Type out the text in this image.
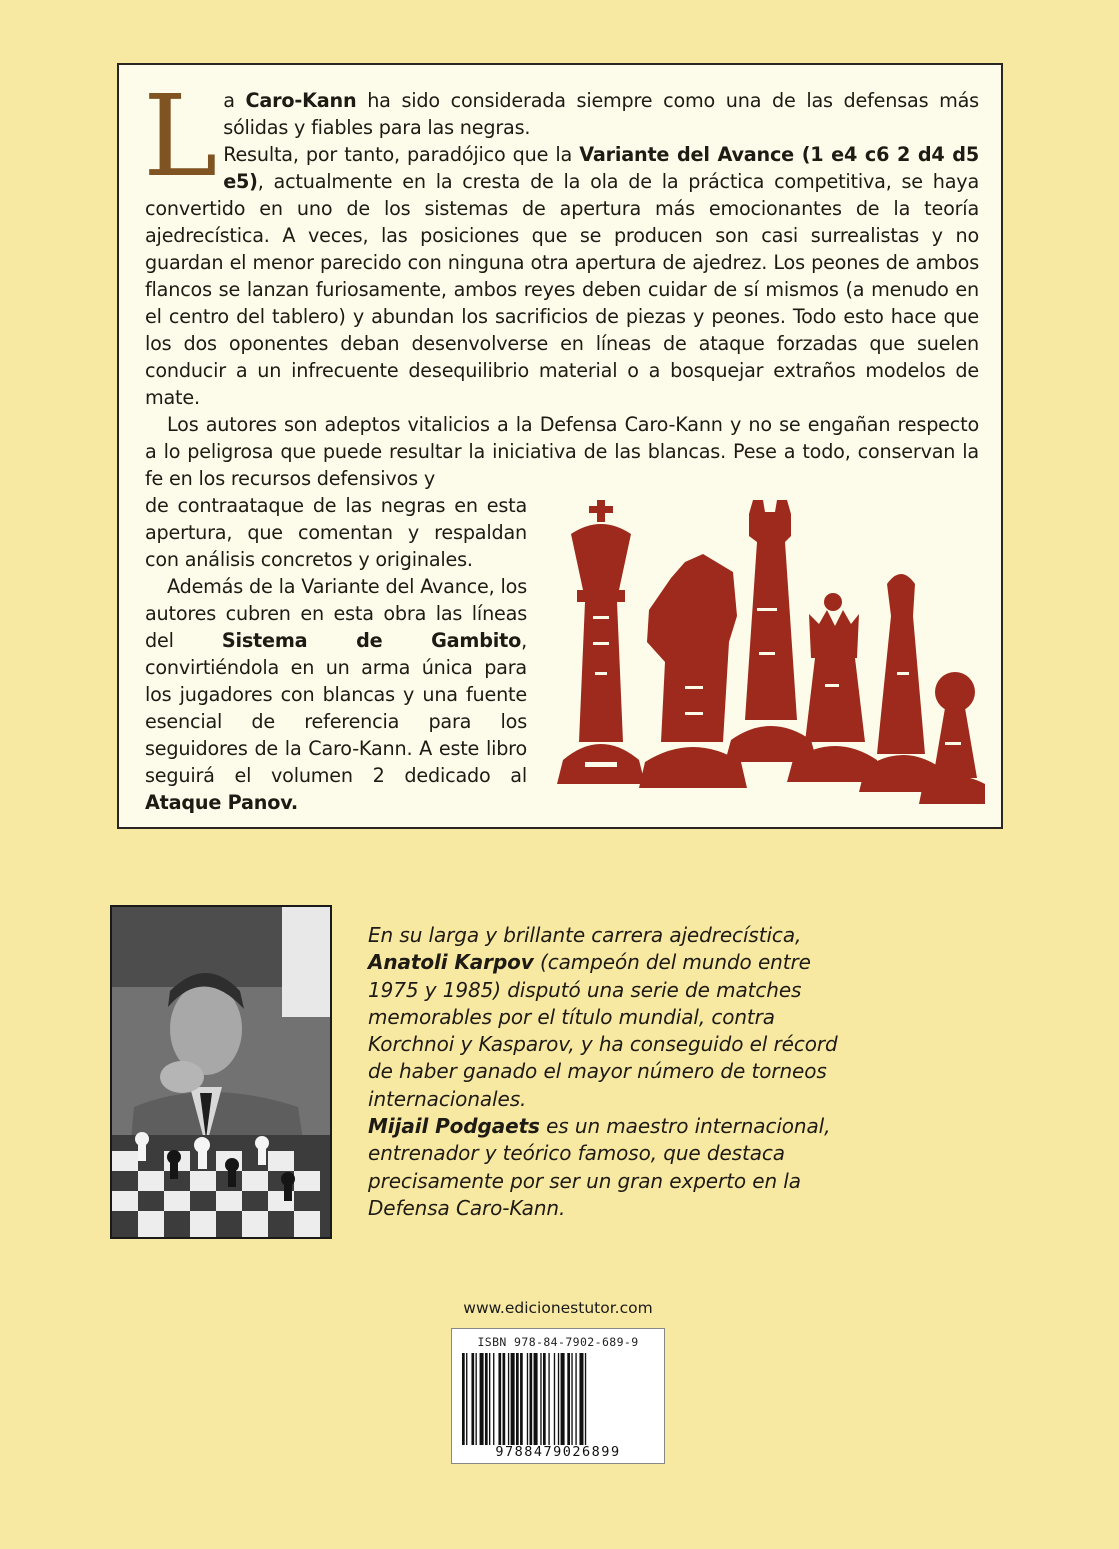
La Caro-Kann ha sido considerada siempre como una de las defensas más sólidas y fiables para las negras.

Resulta, por tanto, paradójico que la Variante del Avance (1 e4 c6 2 d4 d5 e5), actualmente en la cresta de la ola de la práctica competitiva, se haya convertido en uno de los sistemas de apertura más emocionantes de la teoría ajedrecística. A veces, las posiciones que se producen son casi surrealistas y no guardan el menor parecido con ninguna otra apertura de ajedrez. Los peones de ambos flancos se lanzan furiosamente, ambos reyes deben cuidar de sí mismos (a menudo en el centro del tablero) y abundan los sacrificios de piezas y peones. Todo esto hace que los dos oponentes deban desenvolverse en líneas de ataque forzadas que suelen conducir a un infrecuente desequilibrio material o a bosquejar extraños modelos de mate.

Los autores son adeptos vitalicios a la Defensa Caro-Kann y no se engañan respecto a lo peligrosa que puede resultar la iniciativa de las blancas. Pese a todo, conservan la fe en los recursos defensivos y

de contraataque de las negras en esta apertura, que comentan y respaldan con análisis concretos y originales.

Además de la Variante del Avance, los autores cubren en esta obra las líneas del Sistema de Gambito, convirtiéndola en un arma única para los jugadores con blancas y una fuente esencial de referencia para los seguidores de la Caro-Kann. A este libro seguirá el volumen 2 dedicado al Ataque Panov.

En su larga y brillante carrera ajedrecística,
Anatoli Karpov (campeón del mundo entre 1975 y 1985) disputó una serie de matches memorables por el título mundial, contra Korchnoi y Kasparov, y ha conseguido el récord de haber ganado el mayor número de torneos internacionales.
Mijail Podgaets es un maestro internacional, entrenador y teórico famoso, que destaca precisamente por ser un gran experto en la Defensa Caro-Kann.

www.edicionestutor.com
ISBN 978-84-7902-689-9
9788479026899
